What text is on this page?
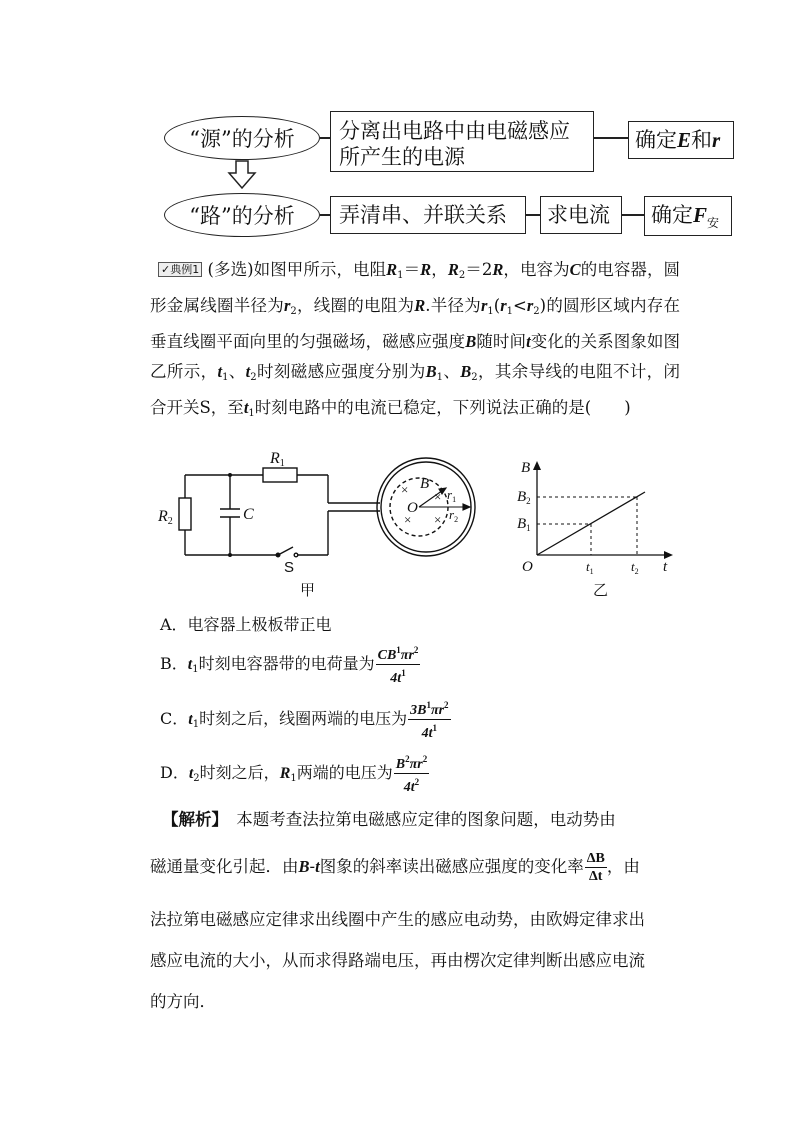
“源”的分析 分离出电路中由电磁感应
所产生的电源
确定E和r
“路”的分析	弄清串、并联关系	求电流	确定$F_安$
✓典例1 (多选)如图甲所示，电阻$R_1=R$，$R_2=2R$，电容为C的电容器，圆形金属线圈半径为$r_2$，线圈的电阻为R.半径为$r_1(r_1<r_2)$的圆形区域内存在垂直线圈平面向里的匀强磁场，磁感应强度B随时间t变化的关系图象如图乙所示，$t_1$、$t_2$时刻磁感应强度分别为$B_1$、$B_2$，其余导线的电阻不计，闭合开关S，至$t_1$时刻电路中的电流已稳定，下列说法正确的是(　　)
× ×
× ×
R1
R2	C
B
O
$r_1$
$r_2$
S
甲
B
t
O
$B_2$
$B_1$
$t_1$	$t_2$
乙
A．电容器上极板带正电
B．$t_1$时刻电容器带的电荷量为 $\frac{CB^1\pi r^2}{4t^1}$
C．$t_1$时刻之后，线圈两端的电压为 $\frac{3B^1\pi r^2}{4t^1}$
D．$t_2$时刻之后，$R_1$两端的电压为 $\frac{B^2\pi r^2}{4t^2}$
【解析】　本题考查法拉第电磁感应定律的图象问题，电动势由
磁通量变化引起．由B-t图象的斜率读出磁感应强度的变化率 $\frac{\Delta B}{\Delta t}$ ，由
法拉第电磁感应定律求出线圈中产生的感应电动势，由欧姆定律求出
感应电流的大小，从而求得路端电压，再由楞次定律判断出感应电流
的方向．
